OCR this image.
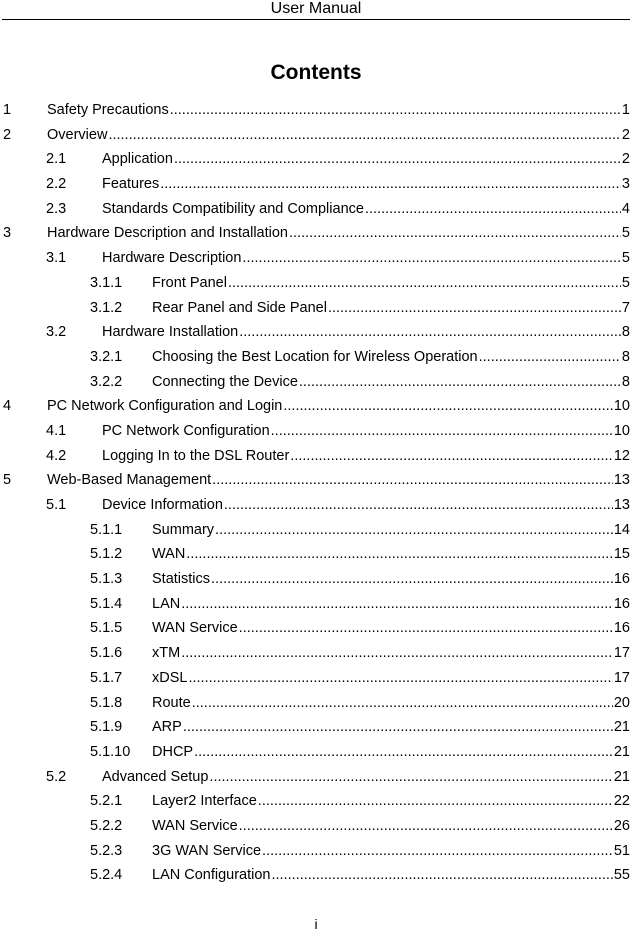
User Manual
Contents
1	Safety Precautions .....	1
2	Overview .....	2
2.1	Application .....	2
2.2	Features .....	3
2.3	Standards Compatibility and Compliance .....	4
3	Hardware Description and Installation .....	5
3.1	Hardware Description .....	5
3.1.1	Front Panel .....	5
3.1.2	Rear Panel and Side Panel .....	7
3.2	Hardware Installation .....	8
3.2.1	Choosing the Best Location for Wireless Operation .....	8
3.2.2	Connecting the Device .....	8
4	PC Network Configuration and Login .....	10
4.1	PC Network Configuration .....	10
4.2	Logging In to the DSL Router .....	12
5	Web-Based Management .....	13
5.1	Device Information .....	13
5.1.1	Summary .....	14
5.1.2	WAN .....	15
5.1.3	Statistics .....	16
5.1.4	LAN .....	16
5.1.5	WAN Service .....	16
5.1.6	xTM .....	17
5.1.7	xDSL .....	17
5.1.8	Route .....	20
5.1.9	ARP .....	21
5.1.10	DHCP .....	21
5.2	Advanced Setup .....	21
5.2.1	Layer2 Interface .....	22
5.2.2	WAN Service .....	26
5.2.3	3G WAN Service .....	51
5.2.4	LAN Configuration .....	55
i
